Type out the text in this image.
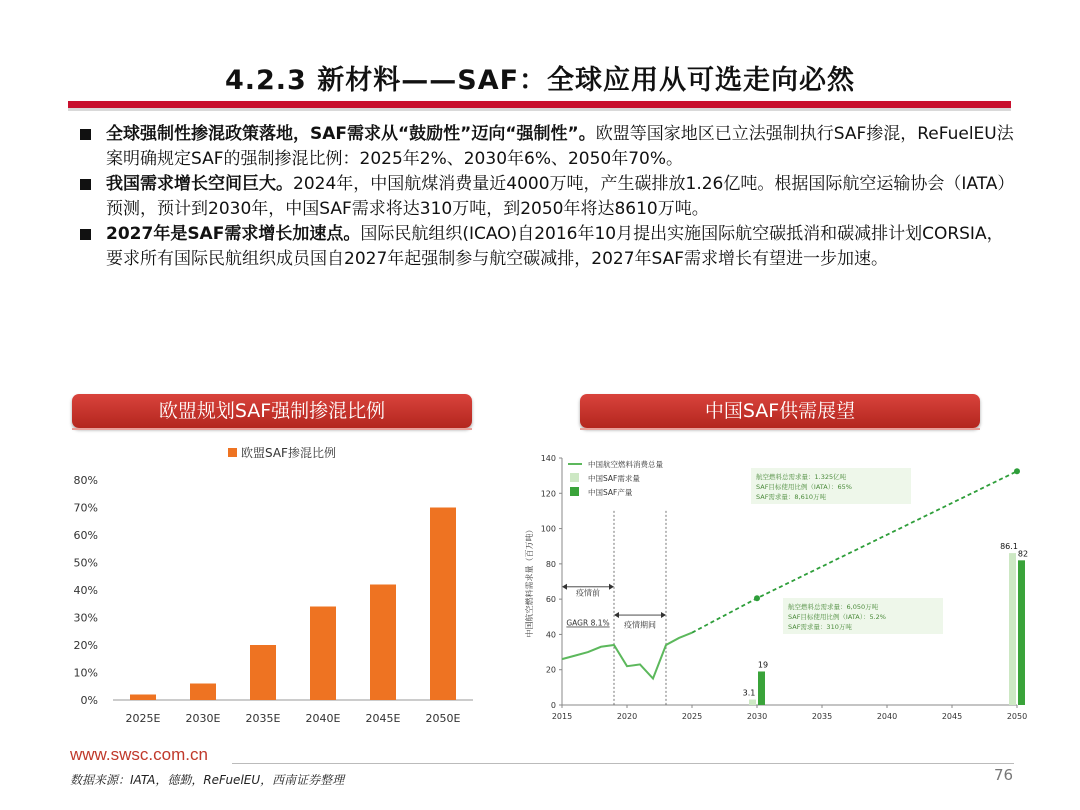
4.2.3 新材料——SAF：全球应用从可选走向必然
全球强制性掺混政策落地，SAF需求从“鼓励性”迈向“强制性”。欧盟等国家地区已立法强制执行SAF掺混，ReFuelEU法案明确规定SAF的强制掺混比例：2025年2%、2030年6%、2050年70%。
我国需求增长空间巨大。2024年，中国航煤消费量近4000万吨，产生碳排放1.26亿吨。根据国际航空运输协会（IATA）预测，预计到2030年，中国SAF需求将达310万吨，到2050年将达8610万吨。
2027年是SAF需求增长加速点。国际民航组织(ICAO)自2016年10月提出实施国际航空碳抵消和碳减排计划CORSIA，要求所有国际民航组织成员国自2027年起强制参与航空碳减排，2027年SAF需求增长有望进一步加速。
欧盟规划SAF强制掺混比例	中国SAF供需展望
欧盟SAF掺混比例
0%
10%
20%
30%
40%
50%
60%
70%
80%
2025E 2030E 2035E 2040E 2045E 2050E
0
20
40
60
80
100
120
140
2015	2020	2025	2030	2035	2040	2045	2050
中国航空燃料需求量（百万吨）	疫情前
GAGR 8.1% 疫情期间
3.1
19
86.1
82
中国航空燃料消费总量
中国SAF需求量
中国SAF产量
航空燃料总需求量：1.325亿吨
SAF目标使用比例（IATA）：65%
SAF需求量：8,610万吨
航空燃料总需求量：6,050万吨
SAF目标使用比例（IATA）：5.2%
SAF需求量：310万吨
www.swsc.com.cn
数据来源：IATA，德勤，ReFuelEU，西南证券整理	76
